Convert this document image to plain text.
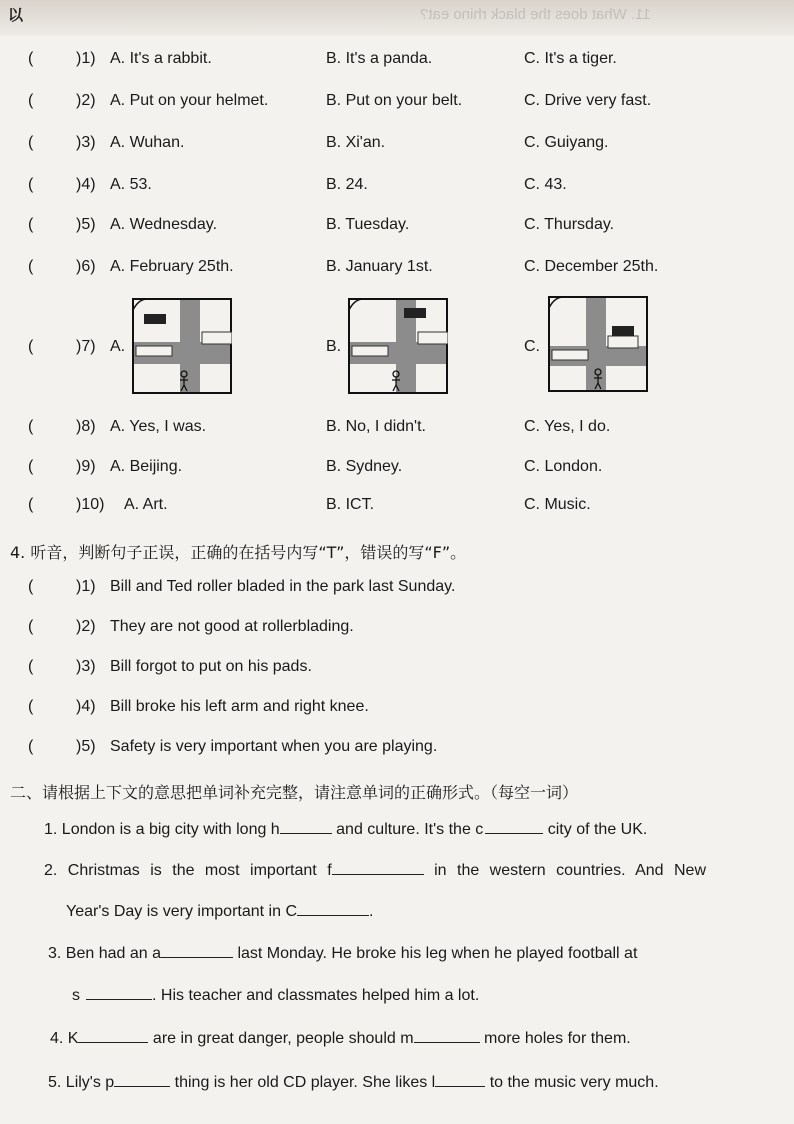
以	11. What does the black rhino eat?
(	)1) A. It's a rabbit.	B. It's a panda.	C. It's a tiger.
(	)2) A. Put on your helmet.	B. Put on your belt.	C. Drive very fast.
(	)3) A. Wuhan.	B. Xi'an.	C. Guiyang.
(	)4) A. 53.	B. 24.	C. 43.
(	)5) A. Wednesday.	B. Tuesday.	C. Thursday.
(	)6) A. February 25th.	B. January 1st.	C. December 25th.
(	)7) A.	B.	C.
(	)8) A. Yes, I was.	B. No, I didn't.	C. Yes, I do.
(	)9) A. Beijing.	B. Sydney.	C. London.
(	)10) A. Art.	B. ICT.	C. Music.
4. 听音，判断句子正误，正确的在括号内写“T”，错误的写“F”。
(	)1) Bill and Ted roller bladed in the park last Sunday.
(	)2) They are not good at rollerblading.
(	)3) Bill forgot to put on his pads.
(	)4) Bill broke his left arm and right knee.
(	)5) Safety is very important when you are playing.
二、请根据上下文的意思把单词补充完整，请注意单词的正确形式。（每空一词）
1. London is a big city with long h	and culture. It's the c	city of the UK.
2. Christmas is the most important f	in the western countries. And New
Year's Day is very important in C	.
3. Ben had an a	last Monday. He broke his leg when he played football at
s	. His teacher and classmates helped him a lot.
4. K	are in great danger, people should m	more holes for them.
5. Lily's p	thing is her old CD player. She likes l	to the music very much.
